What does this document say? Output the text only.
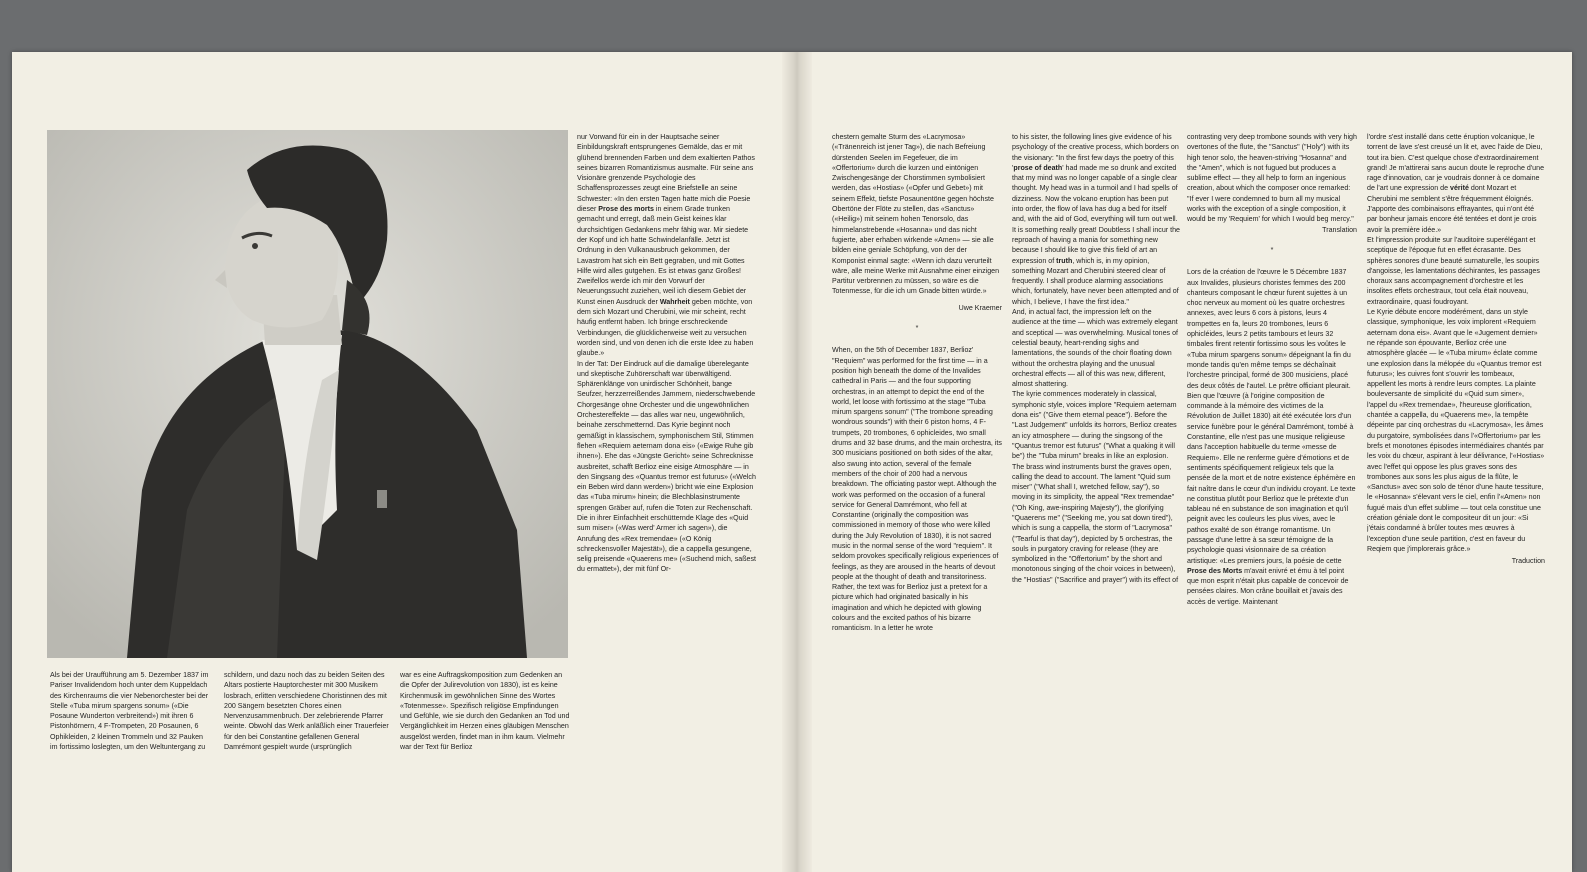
Als bei der Uraufführung am 5. Dezember 1837 im Pariser Invalidendom hoch unter dem Kuppeldach des Kirchenraums die vier Nebenorchester bei der Stelle «Tuba mirum spargens sonum» («Die Posaune Wunderton verbreitend») mit ihren 6 Pistonhörnern, 4 F-Trompeten, 20 Posaunen, 6 Ophikleiden, 2 kleinen Trommeln und 32 Pauken im fortissimo loslegten, um den Weltuntergang zu

schildern, und dazu noch das zu beiden Seiten des Altars postierte Hauptorchester mit 300 Musikern losbrach, erlitten verschiedene Choristinnen des mit 200 Sängern besetzten Chores einen Nervenzusammenbruch. Der zelebrierende Pfarrer weinte. Obwohl das Werk anläßlich einer Trauerfeier für den bei Constantine gefallenen General Damrémont gespielt wurde (ursprünglich

war es eine Auftragskomposition zum Gedenken an die Opfer der Julirevolution von 1830), ist es keine Kirchenmusik im gewöhnlichen Sinne des Wortes «Totenmesse». Spezifisch religiöse Empfindungen und Gefühle, wie sie durch den Gedanken an Tod und Vergänglichkeit im Herzen eines gläubigen Menschen ausgelöst werden, findet man in ihm kaum. Vielmehr war der Text für Berlioz

nur Vorwand für ein in der Hauptsache seiner Einbildungskraft entsprungenes Gemälde, das er mit glühend brennenden Farben und dem exaltierten Pathos seines bizarren Romantizismus ausmalte. Für seine ans Visionäre grenzende Psychologie des Schaffensprozesses zeugt eine Briefstelle an seine Schwester: «In den ersten Tagen hatte mich die Poesie dieser Prose des morts in einem Grade trunken gemacht und erregt, daß mein Geist keines klar durchsichtigen Gedankens mehr fähig war. Mir siedete der Kopf und ich hatte Schwindelanfälle. Jetzt ist Ordnung in den Vulkanausbruch gekommen, der Lavastrom hat sich ein Bett gegraben, und mit Gottes Hilfe wird alles gutgehen. Es ist etwas ganz Großes! Zweifellos werde ich mir den Vorwurf der Neuerungssucht zuziehen, weil ich diesem Gebiet der Kunst einen Ausdruck der Wahrheit geben möchte, von dem sich Mozart und Cherubini, wie mir scheint, recht häufig entfernt haben. Ich bringe erschreckende Verbindungen, die glücklicherweise weit zu versuchen worden sind, und von denen ich die erste Idee zu haben glaube.»

In der Tat: Der Eindruck auf die damalige überelegante und skeptische Zuhörerschaft war überwältigend. Sphärenklänge von unirdischer Schönheit, bange Seufzer, herzzerreißendes Jammern, niederschwebende Chorgesänge ohne Orchester und die ungewöhnlichen Orchestereffekte — das alles war neu, ungewöhnlich, beinahe zerschmetternd. Das Kyrie beginnt noch gemäßigt in klassischem, symphonischem Stil, Stimmen flehen «Requiem aeternam dona eis» («Ewige Ruhe gib ihnen»). Ehe das «Jüngste Gericht» seine Schrecknisse ausbreitet, schafft Berlioz eine eisige Atmosphäre — in den Singsang des «Quantus tremor est futurus» («Welch ein Beben wird dann werden») bricht wie eine Explosion das «Tuba mirum» hinein; die Blechblasinstrumente sprengen Gräber auf, rufen die Toten zur Rechenschaft. Die in ihrer Einfachheit erschütternde Klage des «Quid sum miser» («Was werd' Armer ich sagen»), die Anrufung des «Rex tremendae» («O König schreckensvoller Majestät»), die a cappella gesungene, selig preisende «Quaerens me» («Suchend mich, saßest du ermattet»), der mit fünf Or-

chestern gemalte Sturm des «Lacrymosa» («Tränenreich ist jener Tag»), die nach Befreiung dürstenden Seelen im Fegefeuer, die im «Offertorium» durch die kurzen und eintönigen Zwischengesänge der Chorstimmen symbolisiert werden, das «Hostias» («Opfer und Gebet») mit seinem Effekt, tiefste Posaunentöne gegen höchste Obertöne der Flöte zu stellen, das «Sanctus» («Heilig») mit seinem hohen Tenorsolo, das himmelanstrebende «Hosanna» und das nicht fugierte, aber erhaben wirkende «Amen» — sie alle bilden eine geniale Schöpfung, von der der Komponist einmal sagte: «Wenn ich dazu verurteilt wäre, alle meine Werke mit Ausnahme einer einzigen Partitur verbrennen zu müssen, so wäre es die Totenmesse, für die ich um Gnade bitten würde.»

Uwe Kraemer

*

When, on the 5th of December 1837, Berlioz' "Requiem" was performed for the first time — in a position high beneath the dome of the Invalides cathedral in Paris — and the four supporting orchestras, in an attempt to depict the end of the world, let loose with fortissimo at the stage "Tuba mirum spargens sonum" ("The trombone spreading wondrous sounds") with their 6 piston horns, 4 F-trumpets, 20 trombones, 6 ophicleides, two small drums and 32 base drums, and the main orchestra, its 300 musicians positioned on both sides of the altar, also swung into action, several of the female members of the choir of 200 had a nervous breakdown. The officiating pastor wept. Although the work was performed on the occasion of a funeral service for General Damrémont, who fell at Constantine (originally the composition was commissioned in memory of those who were killed during the July Revolution of 1830), it is not sacred music in the normal sense of the word "requiem". It seldom provokes specifically religious experiences of feelings, as they are aroused in the hearts of devout people at the thought of death and transitoriness. Rather, the text was for Berlioz just a pretext for a picture which had originated basically in his imagination and which he depicted with glowing colours and the excited pathos of his bizarre romanticism. In a letter he wrote

to his sister, the following lines give evidence of his psychology of the creative process, which borders on the visionary: "In the first few days the poetry of this 'prose of death' had made me so drunk and excited that my mind was no longer capable of a single clear thought. My head was in a turmoil and I had spells of dizziness. Now the volcano eruption has been put into order, the flow of lava has dug a bed for itself and, with the aid of God, everything will turn out well. It is something really great! Doubtless I shall incur the reproach of having a mania for something new because I should like to give this field of art an expression of truth, which is, in my opinion, something Mozart and Cherubini steered clear of frequently. I shall produce alarming associations which, fortunately, have never been attempted and of which, I believe, I have the first idea."

And, in actual fact, the impression left on the audience at the time — which was extremely elegant and sceptical — was overwhelming. Musical tones of celestial beauty, heart-rending sighs and lamentations, the sounds of the choir floating down without the orchestra playing and the unusual orchestral effects — all of this was new, different, almost shattering.

The kyrie commences moderately in classical, symphonic style, voices implore "Requiem aeternam dona eis" ("Give them eternal peace"). Before the "Last Judgement" unfolds its horrors, Berlioz creates an icy atmosphere — during the singsong of the "Quantus tremor est futurus" ("What a quaking it will be") the "Tuba mirum" breaks in like an explosion. The brass wind instruments burst the graves open, calling the dead to account. The lament "Quid sum miser" ("What shall I, wretched fellow, say"), so moving in its simplicity, the appeal "Rex tremendae" ("Oh King, awe-inspiring Majesty"), the glorifying "Quaerens me" ("Seeking me, you sat down tired"), which is sung a cappella, the storm of "Lacrymosa" ("Tearful is that day"), depicted by 5 orchestras, the souls in purgatory craving for release (they are symbolized in the "Offertorium" by the short and monotonous singing of the choir voices in between), the "Hostias" ("Sacrifice and prayer") with its effect of

contrasting very deep trombone sounds with very high overtones of the flute, the "Sanctus" ("Holy") with its high tenor solo, the heaven-striving "Hosanna" and the "Amen", which is not fugued but produces a sublime effect — they all help to form an ingenious creation, about which the composer once remarked: "If ever I were condemned to burn all my musical works with the exception of a single composition, it would be my 'Requiem' for which I would beg mercy."

Translation

*

Lors de la création de l'œuvre le 5 Décembre 1837 aux Invalides, plusieurs choristes femmes des 200 chanteurs composant le chœur furent sujettes à un choc nerveux au moment où les quatre orchestres annexes, avec leurs 6 cors à pistons, leurs 4 trompettes en fa, leurs 20 trombones, leurs 6 ophicléides, leurs 2 petits tambours et leurs 32 timbales firent retentir fortissimo sous les voûtes le «Tuba mirum spargens sonum» dépeignant la fin du monde tandis qu'en même temps se déchaînait l'orchestre principal, formé de 300 musiciens, placé des deux côtés de l'autel. Le prêtre officiant pleurait.

Bien que l'œuvre (à l'origine composition de commande à la mémoire des victimes de la Révolution de Juillet 1830) ait été exécutée lors d'un service funèbre pour le général Damrémont, tombé à Constantine, elle n'est pas une musique religieuse dans l'acception habituelle du terme «messe de Requiem». Elle ne renferme guère d'émotions et de sentiments spécifiquement religieux tels que la pensée de la mort et de notre existence éphémère en fait naître dans le cœur d'un individu croyant. Le texte ne constitua plutôt pour Berlioz que le prétexte d'un tableau né en substance de son imagination et qu'il peignit avec les couleurs les plus vives, avec le pathos exalté de son étrange romantisme. Un passage d'une lettre à sa sœur témoigne de la psychologie quasi visionnaire de sa création artistique: «Les premiers jours, la poésie de cette Prose des Morts m'avait enivré et ému à tel point que mon esprit n'était plus capable de concevoir de pensées claires. Mon crâne bouillait et j'avais des accès de vertige. Maintenant

l'ordre s'est installé dans cette éruption volcanique, le torrent de lave s'est creusé un lit et, avec l'aide de Dieu, tout ira bien. C'est quelque chose d'extraordinairement grand! Je m'attirerai sans aucun doute le reproche d'une rage d'innovation, car je voudrais donner à ce domaine de l'art une expression de vérité dont Mozart et Cherubini me semblent s'être fréquemment éloignés. J'apporte des combinaisons effrayantes, qui n'ont été par bonheur jamais encore été tentées et dont je crois avoir la première idée.»

Et l'impression produite sur l'auditoire superélégant et sceptique de l'époque fut en effet écrasante. Des sphères sonores d'une beauté surnaturelle, les soupirs d'angoisse, les lamentations déchirantes, les passages choraux sans accompagnement d'orchestre et les insolites effets orchestraux, tout cela était nouveau, extraordinaire, quasi foudroyant.

Le Kyrie débute encore modérément, dans un style classique, symphonique, les voix implorent «Requiem aeternam dona eis». Avant que le «Jugement dernier» ne répande son épouvante, Berlioz crée une atmosphère glacée — le «Tuba mirum» éclate comme une explosion dans la mélopée du «Quantus tremor est futurus»; les cuivres font s'ouvrir les tombeaux, appellent les morts à rendre leurs comptes. La plainte bouleversante de simplicité du «Quid sum simer», l'appel du «Rex tremendae», l'heureuse glorification, chantée a cappella, du «Quaerens me», la tempête dépeinte par cinq orchestras du «Lacrymosa», les âmes du purgatoire, symbolisées dans l'«Offertorium» par les brefs et monotones épisodes intermédiaires chantés par les voix du chœur, aspirant à leur délivrance, l'«Hostias» avec l'effet qui oppose les plus graves sons des trombones aux sons les plus aigus de la flûte, le «Sanctus» avec son solo de ténor d'une haute tessiture, le «Hosanna» s'élevant vers le ciel, enfin l'«Amen» non fugué mais d'un effet sublime — tout cela constitue une création géniale dont le compositeur dit un jour: «Si j'étais condamné à brûler toutes mes œuvres à l'exception d'une seule partition, c'est en faveur du Reqiem que j'implorerais grâce.»

Traduction
